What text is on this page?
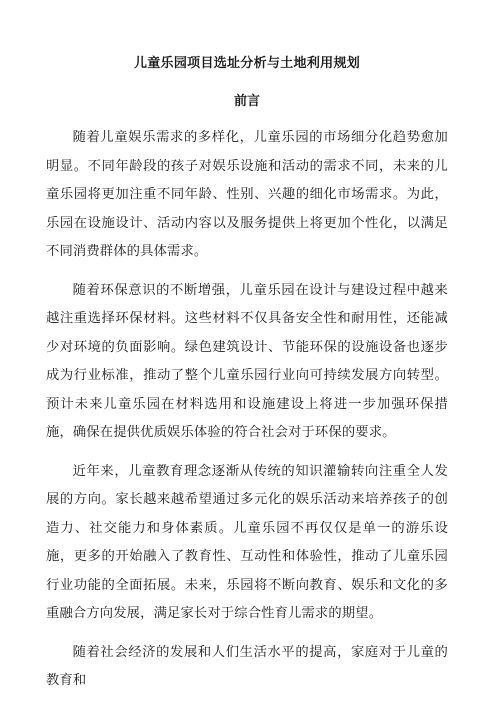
儿童乐园项目选址分析与土地利用规划
前言

随着儿童娱乐需求的多样化，儿童乐园的市场细分化趋势愈加明显。不同年龄段的孩子对娱乐设施和活动的需求不同，未来的儿童乐园将更加注重不同年龄、性别、兴趣的细化市场需求。为此，乐园在设施设计、活动内容以及服务提供上将更加个性化，以满足不同消费群体的具体需求。

随着环保意识的不断增强，儿童乐园在设计与建设过程中越来越注重选择环保材料。这些材料不仅具备安全性和耐用性，还能减少对环境的负面影响。绿色建筑设计、节能环保的设施设备也逐步成为行业标准，推动了整个儿童乐园行业向可持续发展方向转型。预计未来儿童乐园在材料选用和设施建设上将进一步加强环保措施，确保在提供优质娱乐体验的符合社会对于环保的要求。

近年来，儿童教育理念逐渐从传统的知识灌输转向注重全人发展的方向。家长越来越希望通过多元化的娱乐活动来培养孩子的创造力、社交能力和身体素质。儿童乐园不再仅仅是单一的游乐设施，更多的开始融入了教育性、互动性和体验性，推动了儿童乐园行业功能的全面拓展。未来，乐园将不断向教育、娱乐和文化的多重融合方向发展，满足家长对于综合性育儿需求的期望。

随着社会经济的发展和人们生活水平的提高，家庭对于儿童的教育和
